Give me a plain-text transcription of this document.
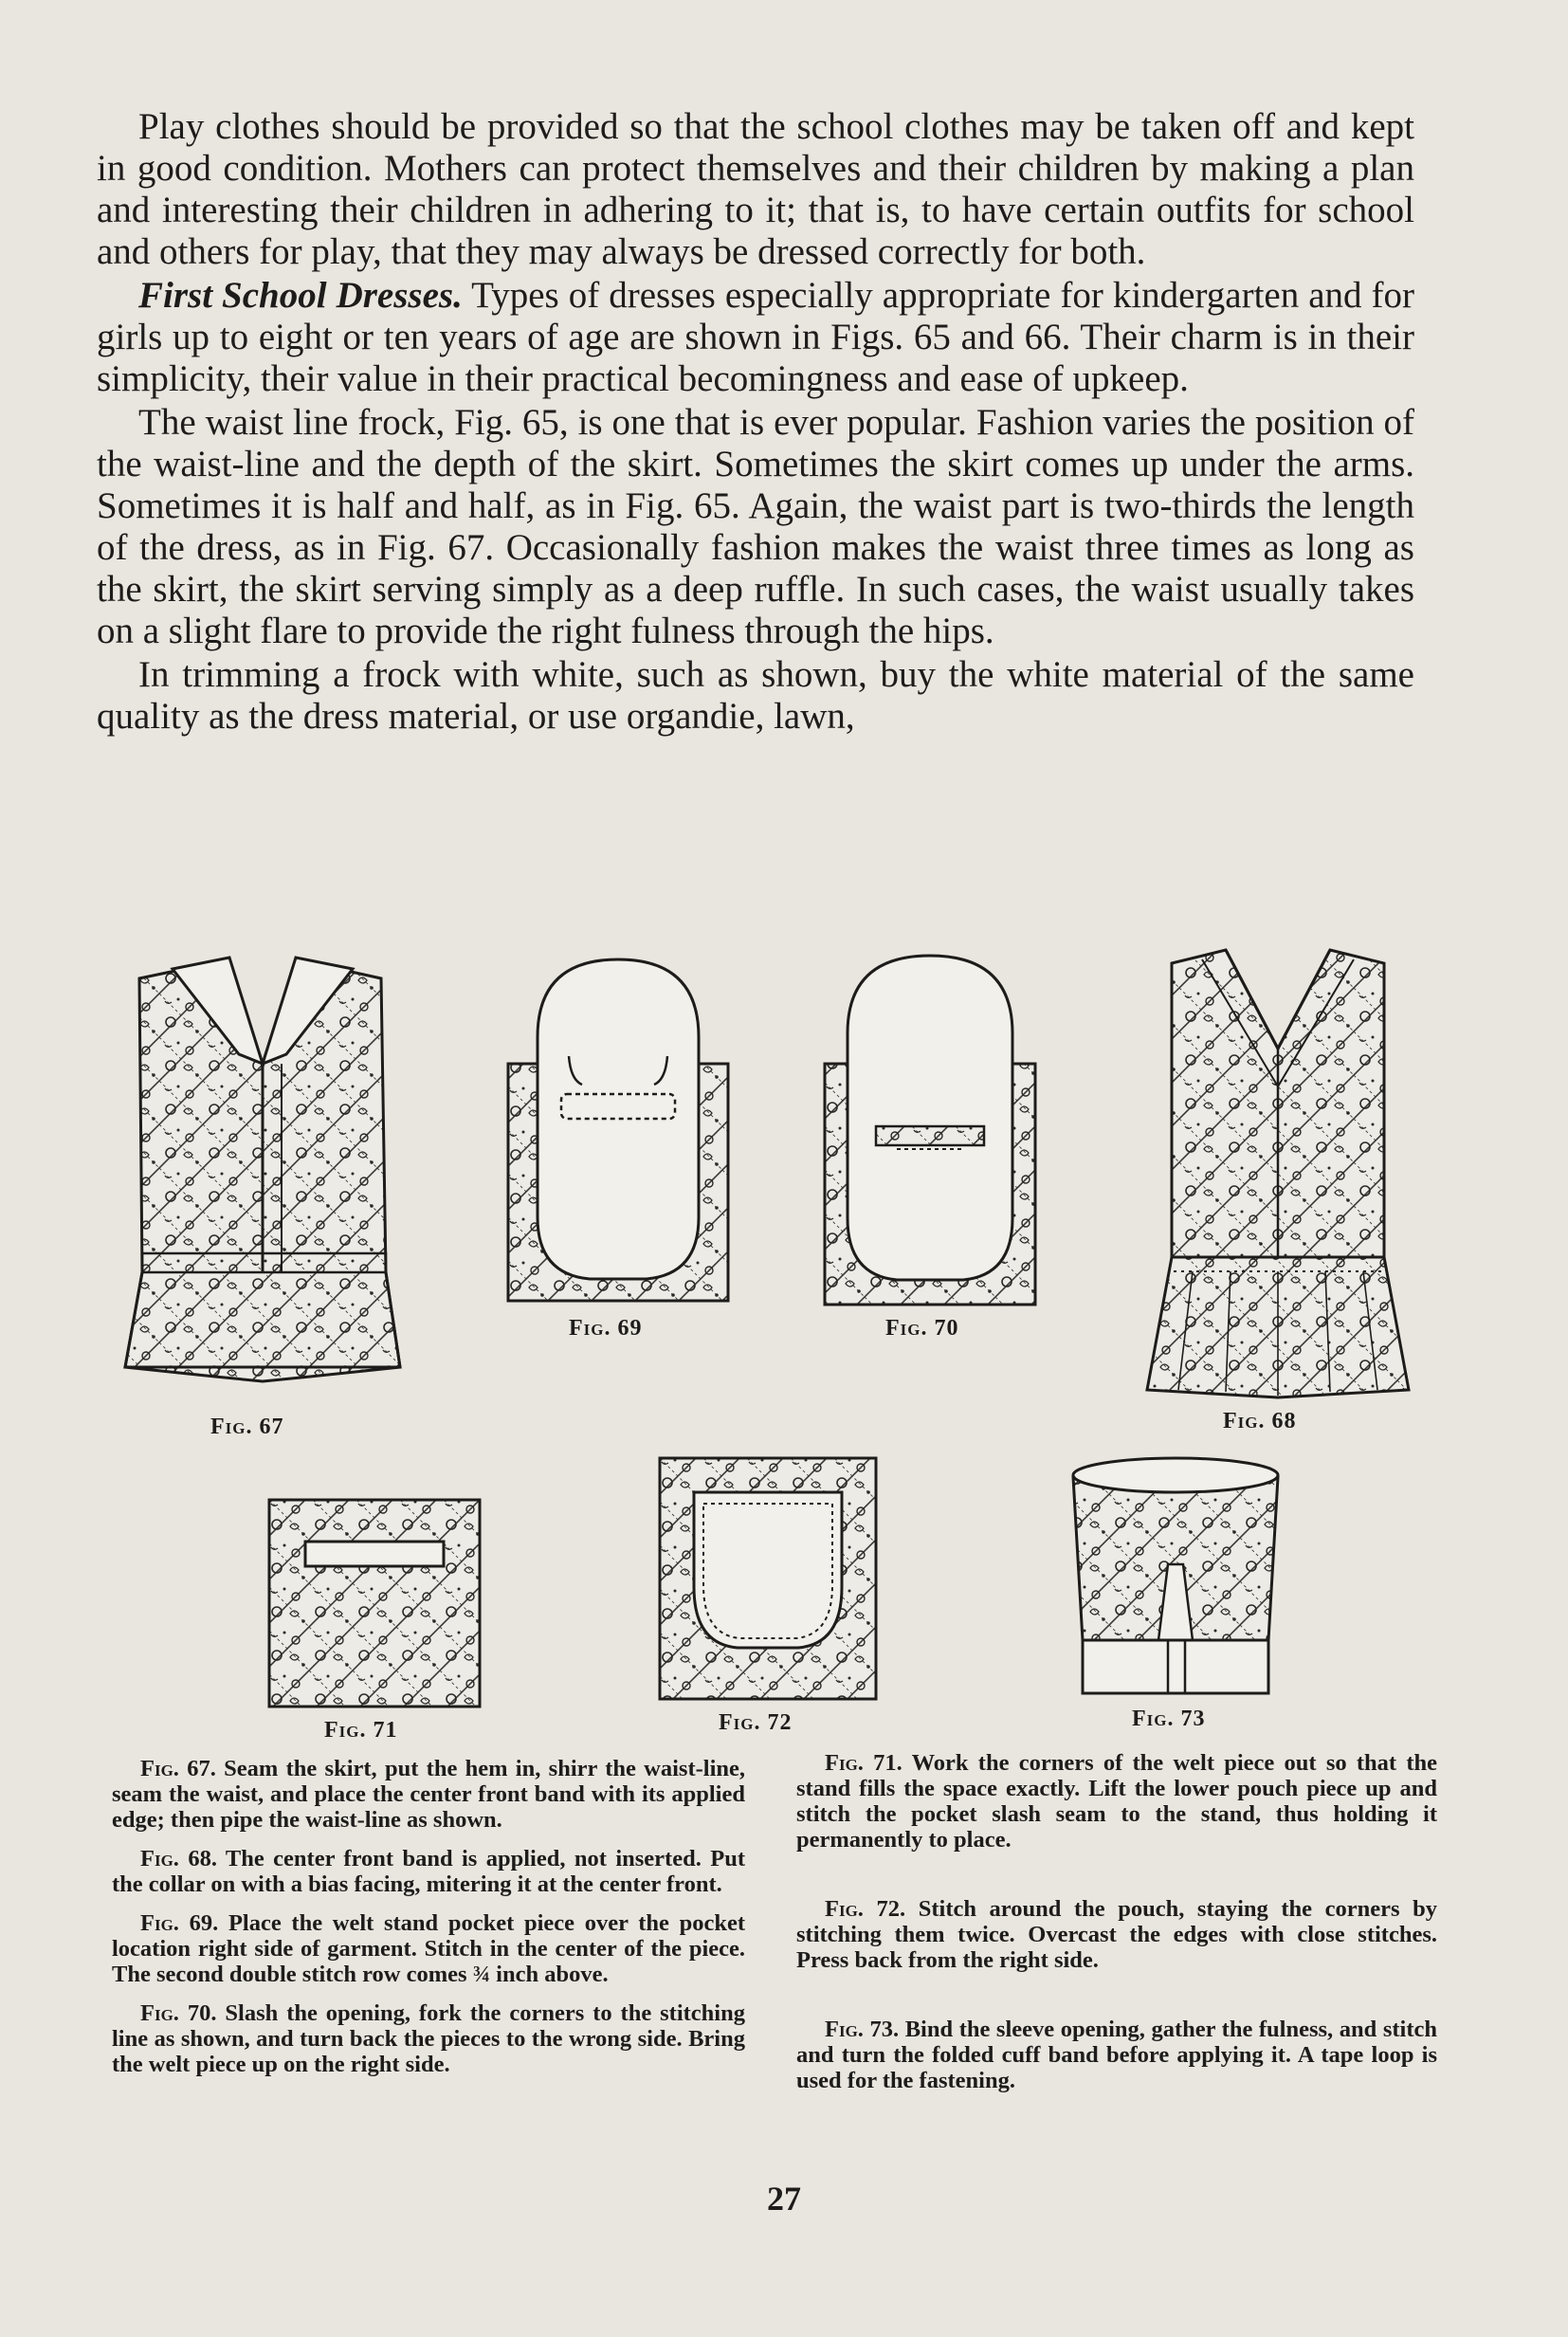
Play clothes should be provided so that the school clothes may be taken off and kept in good condition. Mothers can protect themselves and their children by making a plan and interesting their children in adhering to it; that is, to have certain outfits for school and others for play, that they may always be dressed correctly for both.

First School Dresses. Types of dresses especially appropriate for kindergarten and for girls up to eight or ten years of age are shown in Figs. 65 and 66. Their charm is in their simplicity, their value in their practical becomingness and ease of upkeep.

The waist line frock, Fig. 65, is one that is ever popular. Fashion varies the position of the waist-line and the depth of the skirt. Sometimes the skirt comes up under the arms. Sometimes it is half and half, as in Fig. 65. Again, the waist part is two-thirds the length of the dress, as in Fig. 67. Occasionally fashion makes the waist three times as long as the skirt, the skirt serving simply as a deep ruffle. In such cases, the waist usually takes on a slight flare to provide the right fulness through the hips.

In trimming a frock with white, such as shown, buy the white material of the same quality as the dress material, or use organdie, lawn,

Fig. 67
Fig. 69	Fig. 70
Fig. 68
Fig. 71	Fig. 72	Fig. 73

Fig. 67. Seam the skirt, put the hem in, shirr the waist-line, seam the waist, and place the center front band with its applied edge; then pipe the waist-line as shown.

Fig. 68. The center front band is applied, not inserted. Put the collar on with a bias facing, mitering it at the center front.

Fig. 69. Place the welt stand pocket piece over the pocket location right side of garment. Stitch in the center of the piece. The second double stitch row comes ¾ inch above.

Fig. 70. Slash the opening, fork the corners to the stitching line as shown, and turn back the pieces to the wrong side. Bring the welt piece up on the right side.

Fig. 71. Work the corners of the welt piece out so that the stand fills the space exactly. Lift the lower pouch piece up and stitch the pocket slash seam to the stand, thus holding it permanently to place.

Fig. 72. Stitch around the pouch, staying the corners by stitching them twice. Overcast the edges with close stitches. Press back from the right side.

Fig. 73. Bind the sleeve opening, gather the fulness, and stitch and turn the folded cuff band before applying it. A tape loop is used for the fastening.

27
